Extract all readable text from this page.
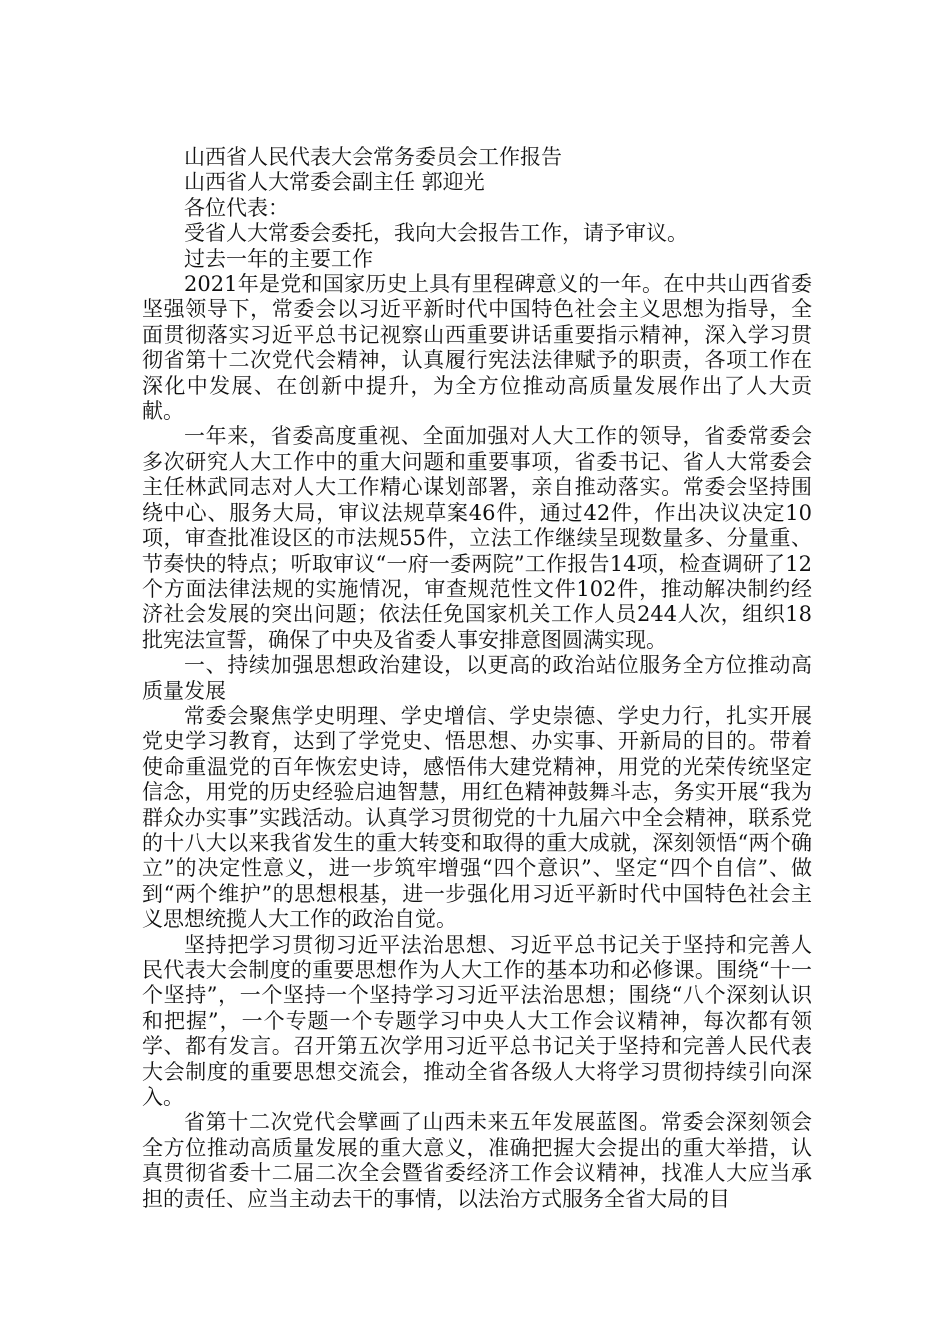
山西省人民代表大会常务委员会工作报告

山西省人大常委会副主任 郭迎光

各位代表：

受省人大常委会委托，我向大会报告工作，请予审议。

过去一年的主要工作

2021年是党和国家历史上具有里程碑意义的一年。在中共山西省委坚强领导下，常委会以习近平新时代中国特色社会主义思想为指导，全面贯彻落实习近平总书记视察山西重要讲话重要指示精神，深入学习贯彻省第十二次党代会精神，认真履行宪法法律赋予的职责，各项工作在深化中发展、在创新中提升，为全方位推动高质量发展作出了人大贡献。

一年来，省委高度重视、全面加强对人大工作的领导，省委常委会多次研究人大工作中的重大问题和重要事项，省委书记、省人大常委会主任林武同志对人大工作精心谋划部署，亲自推动落实。常委会坚持围绕中心、服务大局，审议法规草案46件，通过42件，作出决议决定10项，审查批准设区的市法规55件，立法工作继续呈现数量多、分量重、节奏快的特点；听取审议“一府一委两院”工作报告14项，检查调研了12个方面法律法规的实施情况，审查规范性文件102件，推动解决制约经济社会发展的突出问题；依法任免国家机关工作人员244人次，组织18批宪法宣誓，确保了中央及省委人事安排意图圆满实现。

一、持续加强思想政治建设，以更高的政治站位服务全方位推动高质量发展

常委会聚焦学史明理、学史增信、学史崇德、学史力行，扎实开展党史学习教育，达到了学党史、悟思想、办实事、开新局的目的。带着使命重温党的百年恢宏史诗，感悟伟大建党精神，用党的光荣传统坚定信念，用党的历史经验启迪智慧，用红色精神鼓舞斗志，务实开展“我为群众办实事”实践活动。认真学习贯彻党的十九届六中全会精神，联系党的十八大以来我省发生的重大转变和取得的重大成就，深刻领悟“两个确立”的决定性意义，进一步筑牢增强“四个意识”、坚定“四个自信”、做到“两个维护”的思想根基，进一步强化用习近平新时代中国特色社会主义思想统揽人大工作的政治自觉。

坚持把学习贯彻习近平法治思想、习近平总书记关于坚持和完善人民代表大会制度的重要思想作为人大工作的基本功和必修课。围绕“十一个坚持”，一个坚持一个坚持学习习近平法治思想；围绕“八个深刻认识和把握”，一个专题一个专题学习中央人大工作会议精神，每次都有领学、都有发言。召开第五次学用习近平总书记关于坚持和完善人民代表大会制度的重要思想交流会，推动全省各级人大将学习贯彻持续引向深入。

省第十二次党代会擘画了山西未来五年发展蓝图。常委会深刻领会全方位推动高质量发展的重大意义，准确把握大会提出的重大举措，认真贯彻省委十二届二次全会暨省委经济工作会议精神，找准人大应当承担的责任、应当主动去干的事情，以法治方式服务全省大局的目
